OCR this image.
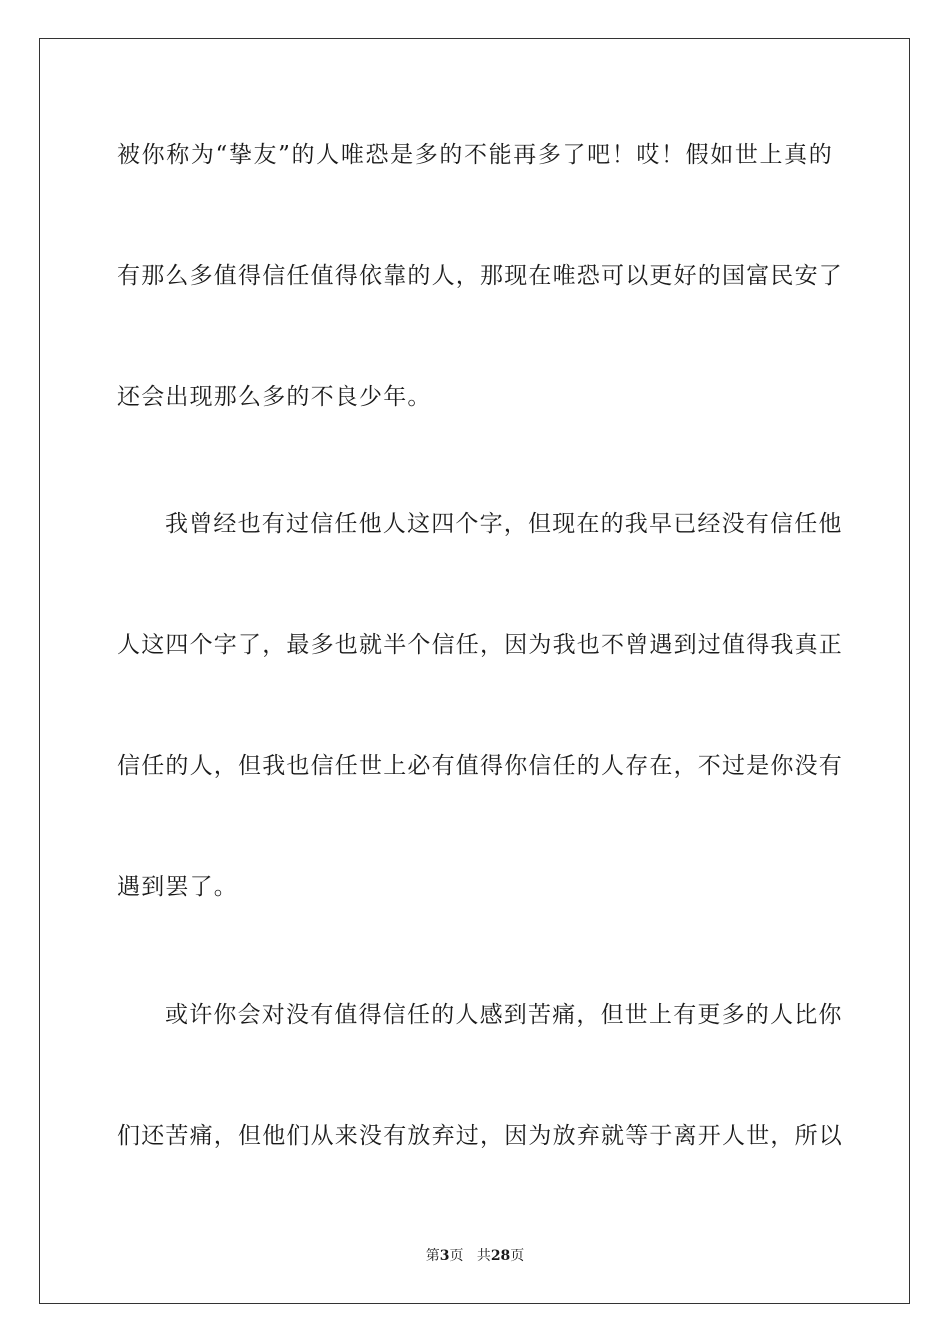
被你称为“挚友”的人唯恐是多的不能再多了吧！哎！假如世上真的
有那么多值得信任值得依靠的人，那现在唯恐可以更好的国富民安了
还会出现那么多的不良少年。
我曾经也有过信任他人这四个字，但现在的我早已经没有信任他
人这四个字了，最多也就半个信任，因为我也不曾遇到过值得我真正
信任的人，但我也信任世上必有值得你信任的人存在，不过是你没有
遇到罢了。
或许你会对没有值得信任的人感到苦痛，但世上有更多的人比你
们还苦痛，但他们从来没有放弃过，因为放弃就等于离开人世，所以
第3页 共28页
